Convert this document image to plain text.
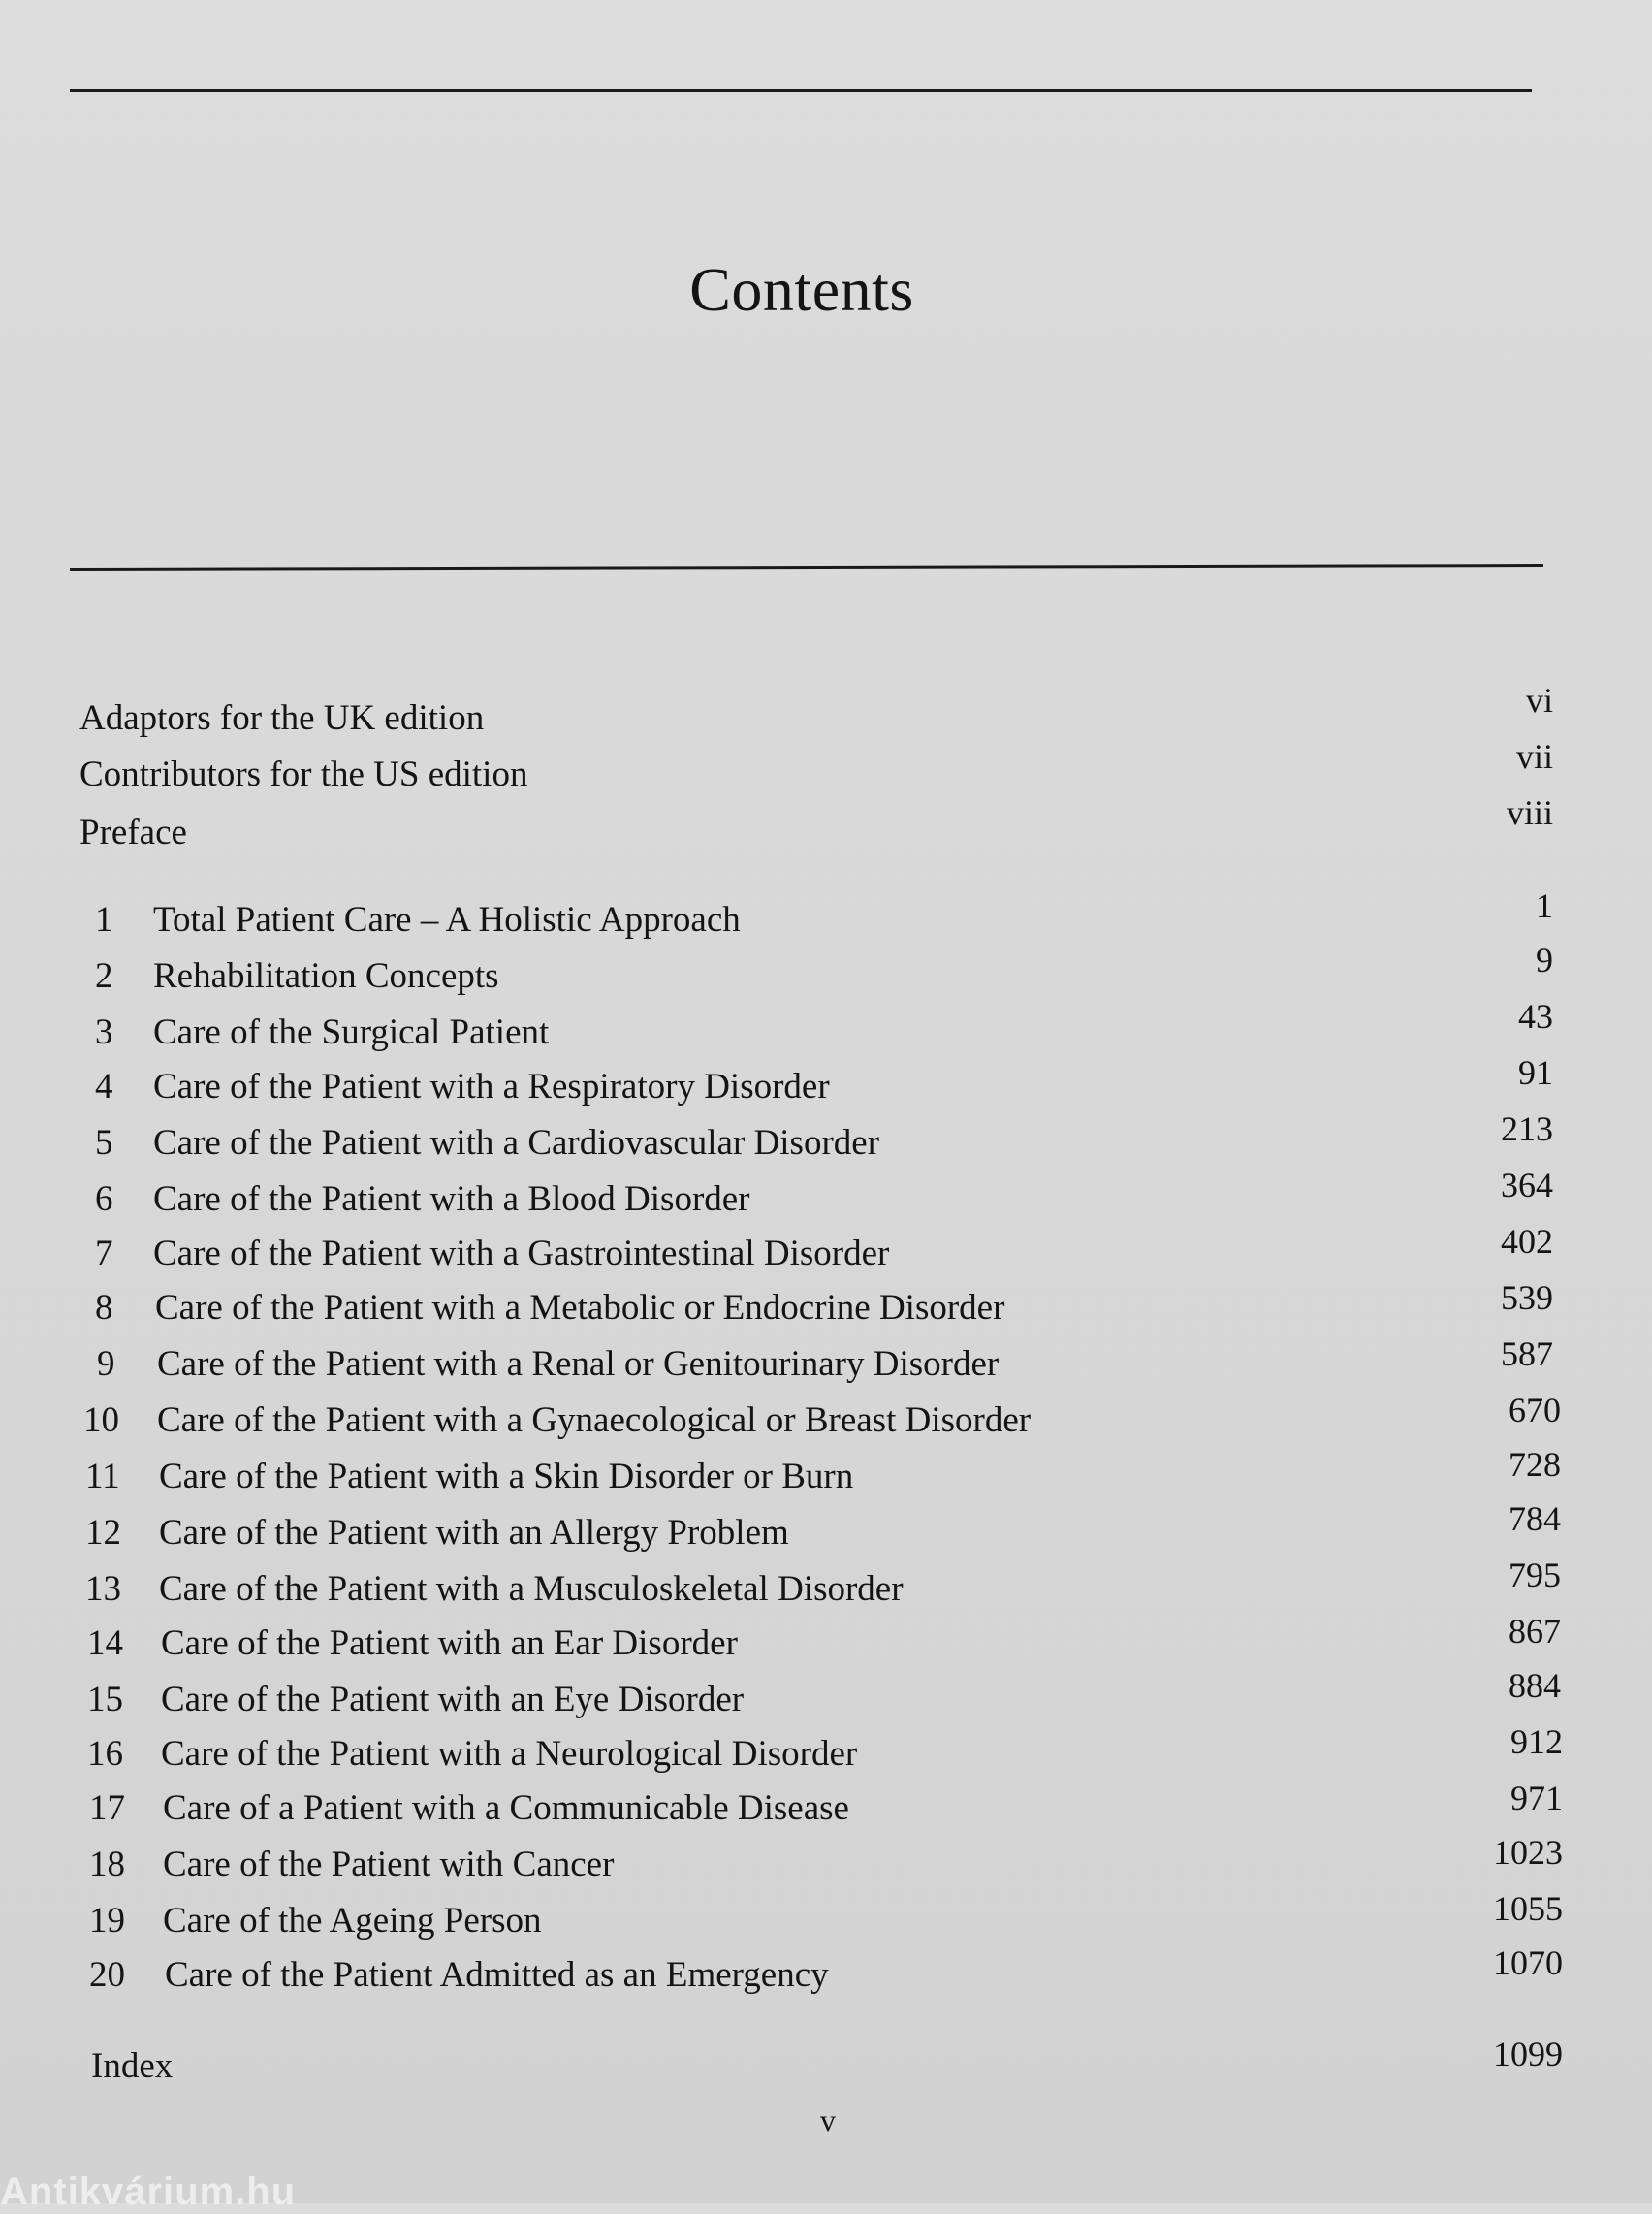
Contents
Adaptors for the UK edition	vi
Contributors for the US edition	vii
Preface	viii
1 Total Patient Care – A Holistic Approach	1
2 Rehabilitation Concepts	9
3 Care of the Surgical Patient	43
4 Care of the Patient with a Respiratory Disorder	91
5 Care of the Patient with a Cardiovascular Disorder	213
6 Care of the Patient with a Blood Disorder	364
7 Care of the Patient with a Gastrointestinal Disorder	402
8 Care of the Patient with a Metabolic or Endocrine Disorder	539
9 Care of the Patient with a Renal or Genitourinary Disorder	587
10 Care of the Patient with a Gynaecological or Breast Disorder	670
11 Care of the Patient with a Skin Disorder or Burn	728
12 Care of the Patient with an Allergy Problem	784
13 Care of the Patient with a Musculoskeletal Disorder	795
14 Care of the Patient with an Ear Disorder	867
15 Care of the Patient with an Eye Disorder	884
16 Care of the Patient with a Neurological Disorder	912
17 Care of a Patient with a Communicable Disease	971
18 Care of the Patient with Cancer	1023
19 Care of the Ageing Person	1055
20 Care of the Patient Admitted as an Emergency	1070
Index	1099
v
Antikvárium.hu
